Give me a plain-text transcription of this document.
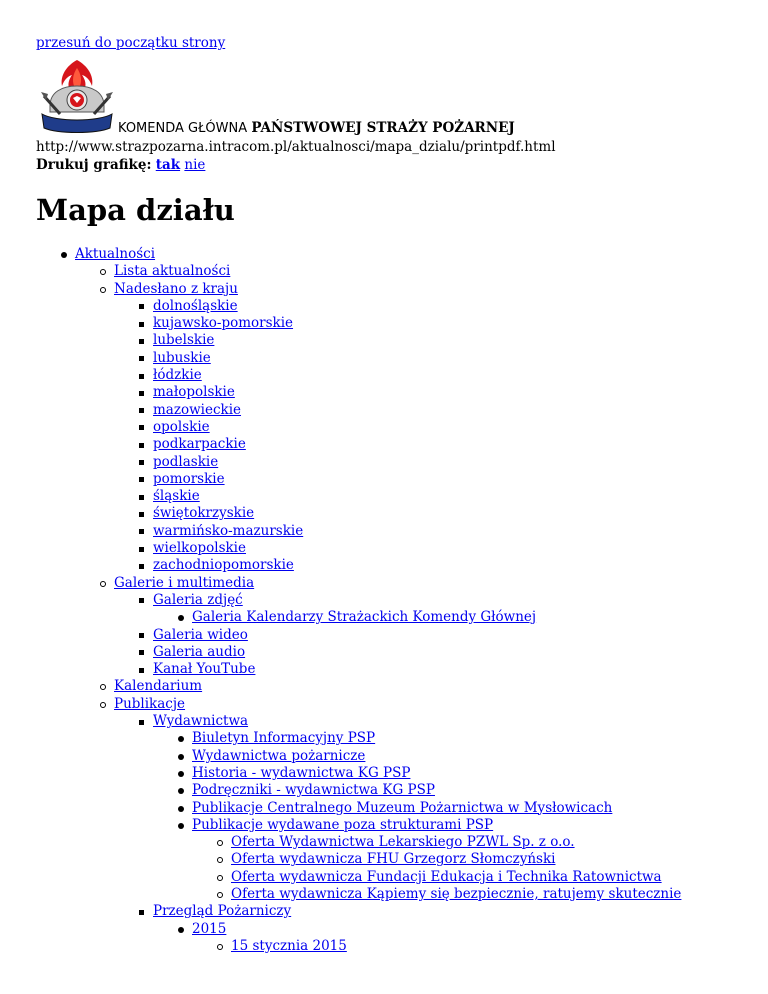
przesuń do początku strony
KOMENDA GŁÓWNA PAŃSTWOWEJ STRAŻY POŻARNEJ
http://www.strazpozarna.intracom.pl/aktualnosci/mapa_dzialu/printpdf.html
Drukuj grafikę: tak nie
Mapa działu
Aktualności
Lista aktualności
Nadesłano z kraju
dolnośląskie
kujawsko-pomorskie
lubelskie
lubuskie
łódzkie
małopolskie
mazowieckie
opolskie
podkarpackie
podlaskie
pomorskie
śląskie
świętokrzyskie
warmińsko-mazurskie
wielkopolskie
zachodniopomorskie
Galerie i multimedia
Galeria zdjęć
Galeria Kalendarzy Strażackich Komendy Głównej
Galeria wideo
Galeria audio
Kanał YouTube
Kalendarium
Publikacje
Wydawnictwa
Biuletyn Informacyjny PSP
Wydawnictwa pożarnicze
Historia - wydawnictwa KG PSP
Podręczniki - wydawnictwa KG PSP
Publikacje Centralnego Muzeum Pożarnictwa w Mysłowicach
Publikacje wydawane poza strukturami PSP
Oferta Wydawnictwa Lekarskiego PZWL Sp. z o.o.
Oferta wydawnicza FHU Grzegorz Słomczyński
Oferta wydawnicza Fundacji Edukacja i Technika Ratownictwa
Oferta wydawnicza Kąpiemy się bezpiecznie, ratujemy skutecznie
Przegląd Pożarniczy
2015
15 stycznia 2015
